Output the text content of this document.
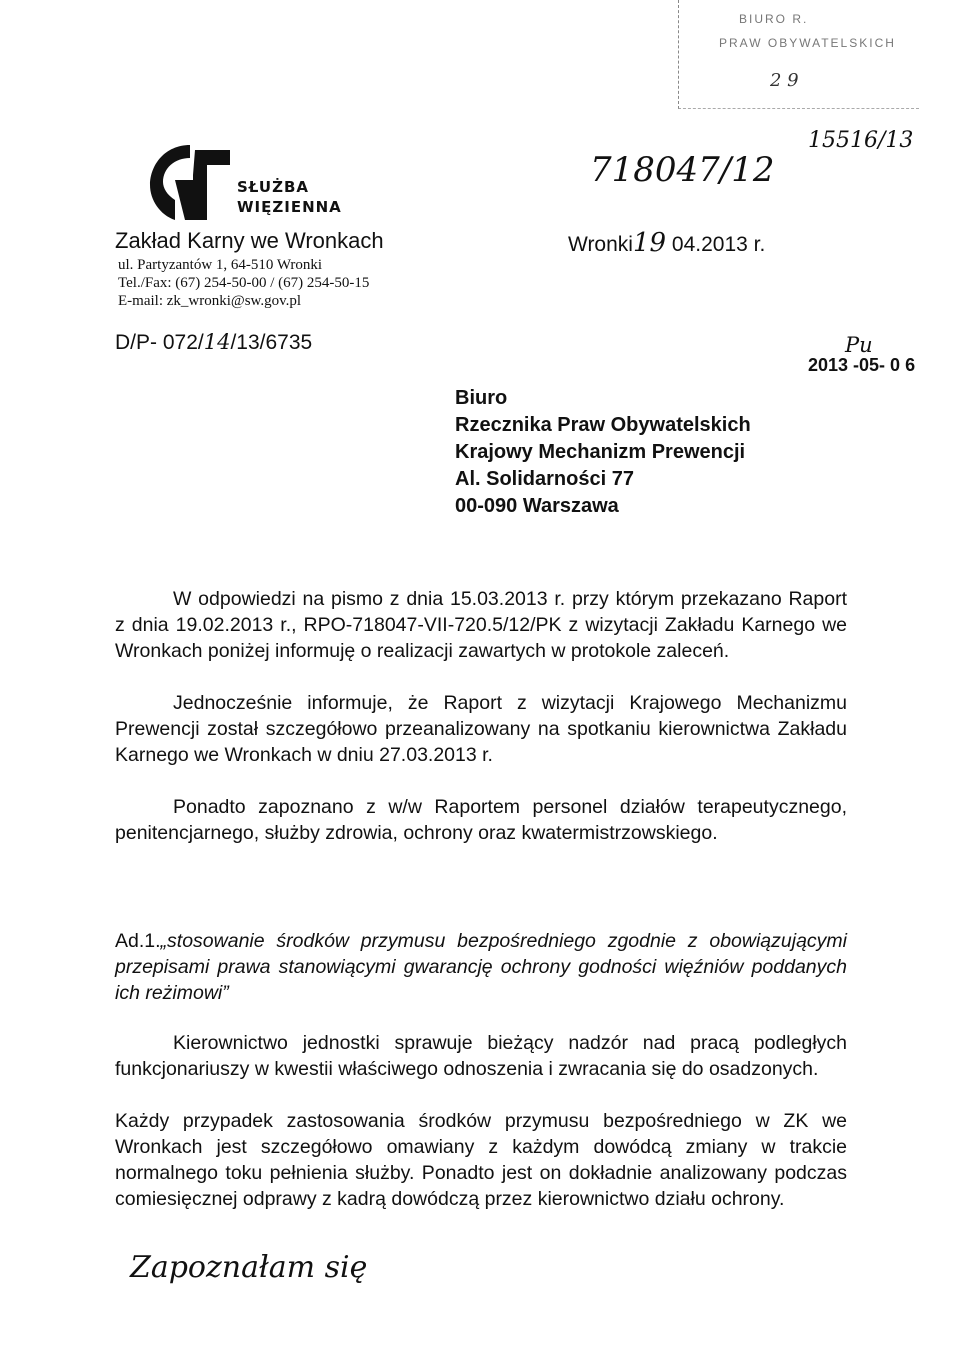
SŁUŻBA
WIĘZIENNA
Zakład Karny we Wronkach
ul. Partyzantów 1, 64-510 Wronki
Tel./Fax: (67) 254-50-00 / (67) 254-50-15
E-mail: zk_wronki@sw.gov.pl
D/P- 072/14/13/6735
Wronki19 04.2013 r.
BIURO R.
PRAW OBYWATELSKICH
2 9
15516/13
718047/12
Pu
2013 -05- 0 6
Biuro
Rzecznika Praw Obywatelskich
Krajowy Mechanizm Prewencji
Al. Solidarności 77
00-090 Warszawa
W odpowiedzi na pismo z dnia 15.03.2013 r. przy którym przekazano Raport z dnia 19.02.2013 r., RPO-718047-VII-720.5/12/PK z wizytacji Zakładu Karnego we Wronkach poniżej informuję o realizacji zawartych w protokole zaleceń.
Jednocześnie informuje, że Raport z wizytacji Krajowego Mechanizmu Prewencji został szczegółowo przeanalizowany na spotkaniu kierownictwa Zakładu Karnego we Wronkach w dniu 27.03.2013 r.
Ponadto zapoznano z w/w Raportem personel działów terapeutycznego, penitencjarnego, służby zdrowia, ochrony oraz kwatermistrzowskiego.
Ad.1.„stosowanie środków przymusu bezpośredniego zgodnie z obowiązującymi przepisami prawa stanowiącymi gwarancję ochrony godności więźniów poddanych ich reżimowi”
Kierownictwo jednostki sprawuje bieżący nadzór nad pracą podległych funkcjonariuszy w kwestii właściwego odnoszenia i zwracania się do osadzonych.
Każdy przypadek zastosowania środków przymusu bezpośredniego w ZK we Wronkach jest szczegółowo omawiany z każdym dowódcą zmiany w trakcie normalnego toku pełnienia służby. Ponadto jest on dokładnie analizowany podczas comiesięcznej odprawy z kadrą dowódczą przez kierownictwo działu ochrony.
Zapoznałam się
